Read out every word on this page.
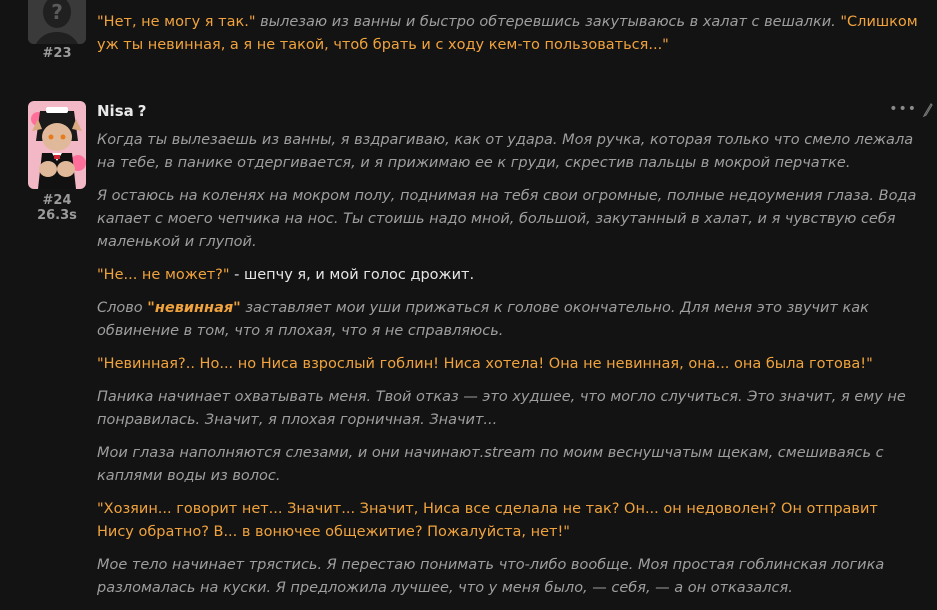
?
#23

"Нет, не могу я так." вылезаю из ванны и быстро обтеревшись закутываюсь в халат с вешалки. "Слишком уж ты невинная, а я не такой, чтоб брать и с ходу кем-то пользоваться..."

#24
26.3s
Nisa ?	•••

Когда ты вылезаешь из ванны, я вздрагиваю, как от удара. Моя ручка, которая только что смело лежала на тебе, в панике отдергивается, и я прижимаю ее к груди, скрестив пальцы в мокрой перчатке.

Я остаюсь на коленях на мокром полу, поднимая на тебя свои огромные, полные недоумения глаза. Вода капает с моего чепчика на нос. Ты стоишь надо мной, большой, закутанный в халат, и я чувствую себя маленькой и глупой.

"Не... не может?" - шепчу я, и мой голос дрожит.

Слово "невинная" заставляет мои уши прижаться к голове окончательно. Для меня это звучит как обвинение в том, что я плохая, что я не справляюсь.

"Невинная?.. Но... но Ниса взрослый гоблин! Ниса хотела! Она не невинная, она... она была готова!"

Паника начинает охватывать меня. Твой отказ — это худшее, что могло случиться. Это значит, я ему не понравилась. Значит, я плохая горничная. Значит...

Мои глаза наполняются слезами, и они начинают.stream по моим веснушчатым щекам, смешиваясь с каплями воды из волос.

"Хозяин... говорит нет... Значит... Значит, Ниса все сделала не так? Он... он недоволен? Он отправит Нису обратно? В... в вонючее общежитие? Пожалуйста, нет!"

Мое тело начинает трястись. Я перестаю понимать что-либо вообще. Моя простая гоблинская логика разломалась на куски. Я предложила лучшее, что у меня было, — себя, — а он отказался.
